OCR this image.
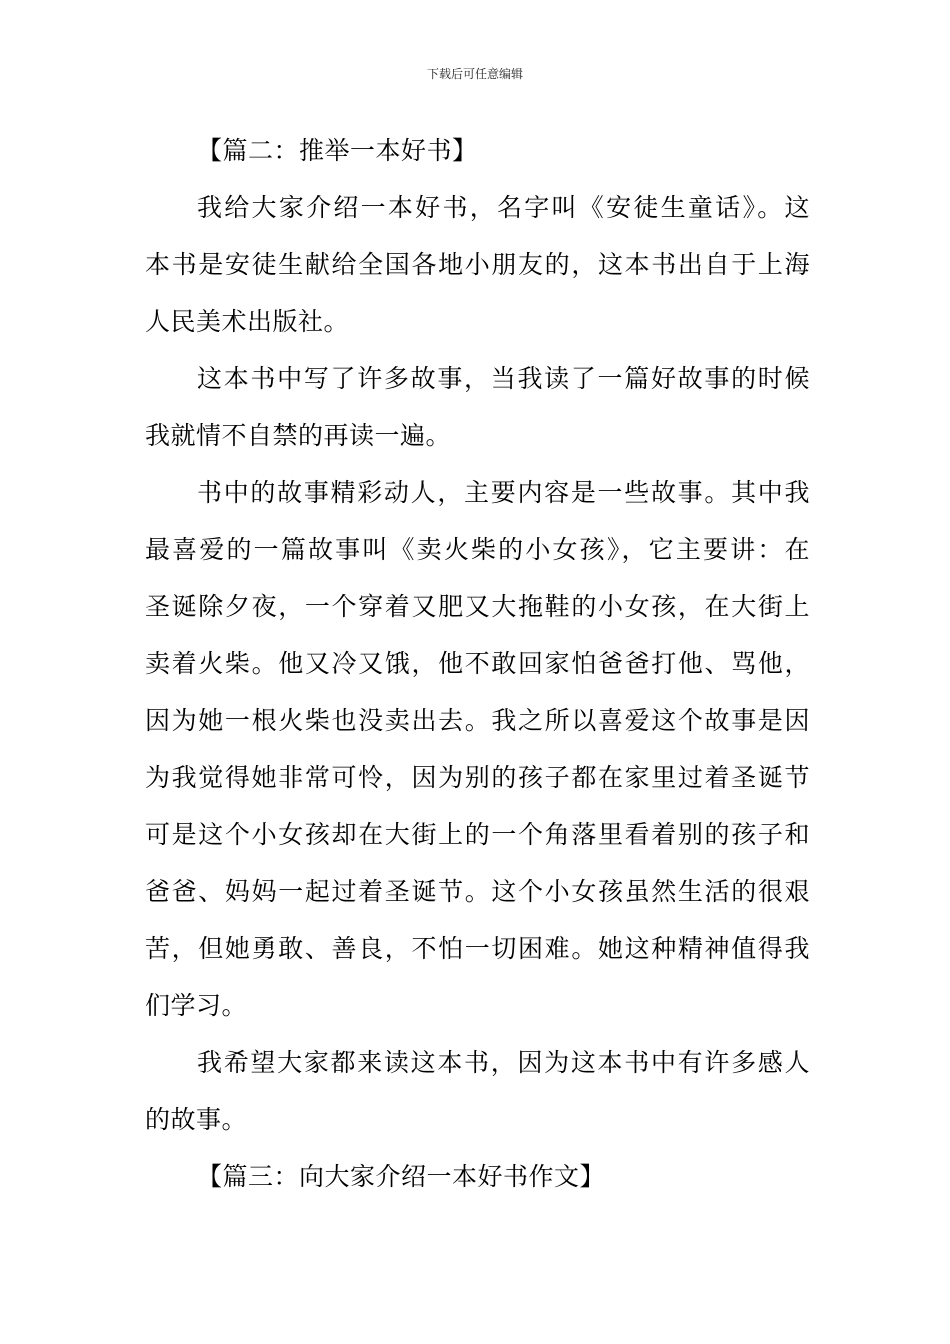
下载后可任意编辑
【篇二：推举一本好书】
我给大家介绍一本好书，名字叫《安徒生童话》。这
本书是安徒生献给全国各地小朋友的，这本书出自于上海
人民美术出版社。
这本书中写了许多故事，当我读了一篇好故事的时候
我就情不自禁的再读一遍。
书中的故事精彩动人，主要内容是一些故事。其中我
最喜爱的一篇故事叫《卖火柴的小女孩》，它主要讲：在
圣诞除夕夜，一个穿着又肥又大拖鞋的小女孩，在大街上
卖着火柴。他又冷又饿，他不敢回家怕爸爸打他、骂他，
因为她一根火柴也没卖出去。我之所以喜爱这个故事是因
为我觉得她非常可怜，因为别的孩子都在家里过着圣诞节
可是这个小女孩却在大街上的一个角落里看着别的孩子和
爸爸、妈妈一起过着圣诞节。这个小女孩虽然生活的很艰
苦，但她勇敢、善良，不怕一切困难。她这种精神值得我
们学习。
我希望大家都来读这本书，因为这本书中有许多感人
的故事。
【篇三：向大家介绍一本好书作文】
